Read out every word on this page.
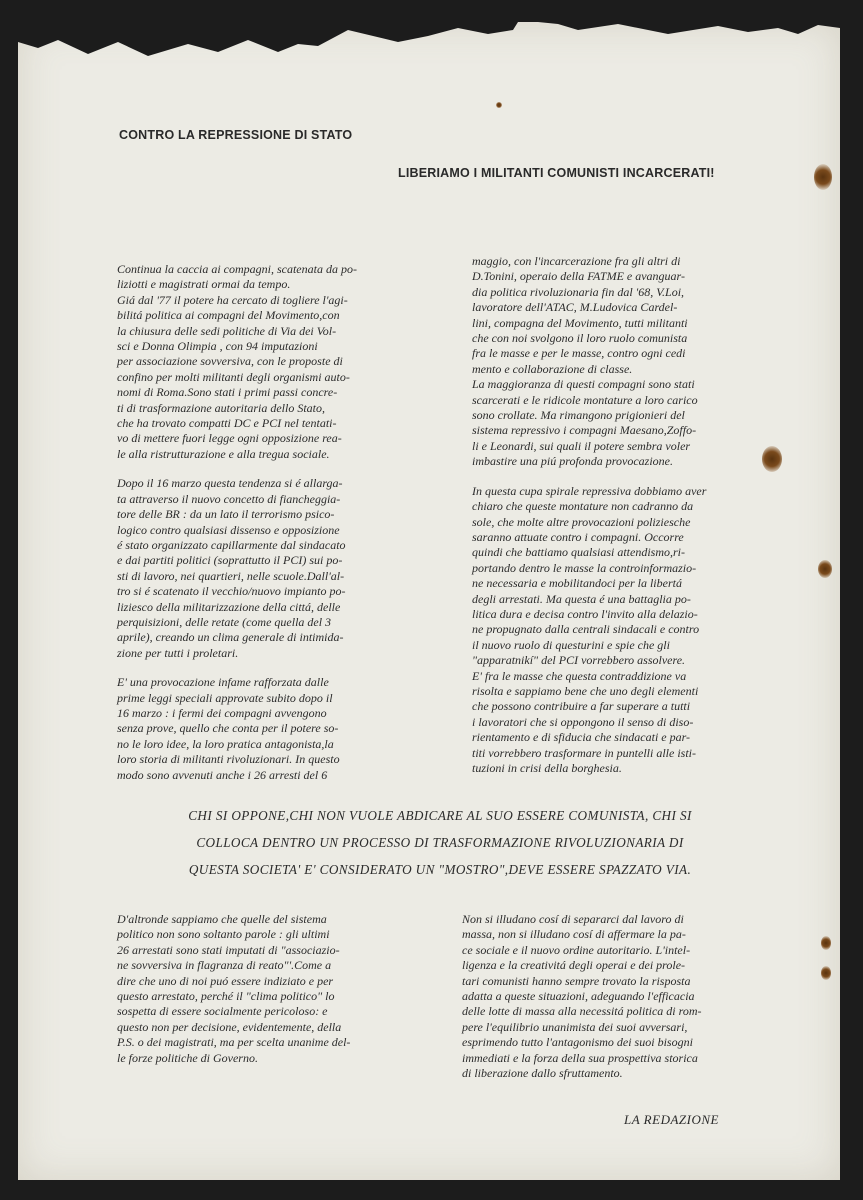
CONTRO LA REPRESSIONE DI STATO
LIBERIAMO I MILITANTI COMUNISTI INCARCERATI!

Continua la caccia ai compagni, scatenata da po-
liziotti e magistrati ormai da tempo.
Giá dal '77 il potere ha cercato di togliere l'agi-
bilitá politica ai compagni del Movimento,con
la chiusura delle sedi politiche di Via dei Vol-
sci e Donna Olimpia , con 94 imputazioni
per associazione sovversiva, con le proposte di
confino per molti militanti degli organismi auto-
nomi di Roma.Sono stati i primi passi concre-
ti di trasformazione autoritaria dello Stato,
che ha trovato compatti DC e PCI nel tentati-
vo di mettere fuori legge ogni opposizione rea-
le alla ristrutturazione e alla tregua sociale.

Dopo il 16 marzo questa tendenza si é allarga-
ta attraverso il nuovo concetto di fiancheggia-
tore delle BR : da un lato il terrorismo psico-
logico contro qualsiasi dissenso e opposizione
é stato organizzato capillarmente dal sindacato
e dai partiti politici (soprattutto il PCI) sui po-
sti di lavoro, nei quartieri, nelle scuole.Dall'al-
tro si é scatenato il vecchio/nuovo impianto po-
liziesco della militarizzazione della cittá, delle
perquisizioni, delle retate (come quella del 3
aprile), creando un clima generale di intimida-
zione per tutti i proletari.

E' una provocazione infame rafforzata dalle
prime leggi speciali approvate subito dopo il
16 marzo : i fermi dei compagni avvengono
senza prove, quello che conta per il potere so-
no le loro idee, la loro pratica antagonista,la
loro storia di militanti rivoluzionari. In questo
modo sono avvenuti anche i 26 arresti del 6

maggio, con l'incarcerazione fra gli altri di
D.Tonini, operaio della FATME e avanguar-
dia politica rivoluzionaria fin dal '68, V.Loi,
lavoratore dell'ATAC, M.Ludovica Cardel-
lini, compagna del Movimento, tutti militanti
che con noi svolgono il loro ruolo comunista
fra le masse e per le masse, contro ogni cedi
mento e collaborazione di classe.
La maggioranza di questi compagni sono stati
scarcerati e le ridicole montature a loro carico
sono crollate. Ma rimangono prigionieri del
sistema repressivo i compagni Maesano,Zoffo-
li e Leonardi, sui quali il potere sembra voler
imbastire una piú profonda provocazione.

In questa cupa spirale repressiva dobbiamo aver
chiaro che queste montature non cadranno da
sole, che molte altre provocazioni poliziesche
saranno attuate contro i compagni. Occorre
quindi che battiamo qualsiasi attendismo,ri-
portando dentro le masse la controinformazio-
ne necessaria e mobilitandoci per la libertá
degli arrestati. Ma questa é una battaglia po-
litica dura e decisa contro l'invito alla delazio-
ne propugnato dalla centrali sindacali e contro
il nuovo ruolo di questurini e spie che gli
"apparatnikí" del PCI vorrebbero assolvere.
E' fra le masse che questa contraddizione va
risolta e sappiamo bene che uno degli elementi
che possono contribuire a far superare a tutti
i lavoratori che si oppongono il senso di diso-
rientamento e di sfiducia che sindacati e par-
titi vorrebbero trasformare in puntelli alle isti-
tuzioni in crisi della borghesia.

CHI SI OPPONE,CHI NON VUOLE ABDICARE AL SUO ESSERE COMUNISTA, CHI SI
COLLOCA DENTRO UN PROCESSO DI TRASFORMAZIONE RIVOLUZIONARIA DI
QUESTA SOCIETA' E' CONSIDERATO UN "MOSTRO",DEVE ESSERE SPAZZATO VIA.

D'altronde sappiamo che quelle del sistema
politico non sono soltanto parole : gli ultimi
26 arrestati sono stati imputati di "associazio-
ne sovversiva in flagranza di reato"'.Come a
dire che uno di noi puó essere indiziato e per
questo arrestato, perché il "clima politico" lo
sospetta di essere socialmente pericoloso: e
questo non per decisione, evidentemente, della
P.S. o dei magistrati, ma per scelta unanime del-
le forze politiche di Governo.

Non si illudano cosí di separarci dal lavoro di
massa, non si illudano cosí di affermare la pa-
ce sociale e il nuovo ordine autoritario. L'intel-
ligenza e la creativitá degli operai e dei prole-
tari comunisti hanno sempre trovato la risposta
adatta a queste situazioni, adeguando l'efficacia
delle lotte di massa alla necessitá politica di rom-
pere l'equilibrio unanimista dei suoi avversari,
esprimendo tutto l'antagonismo dei suoi bisogni
immediati e la forza della sua prospettiva storica
di liberazione dallo sfruttamento.

LA REDAZIONE
